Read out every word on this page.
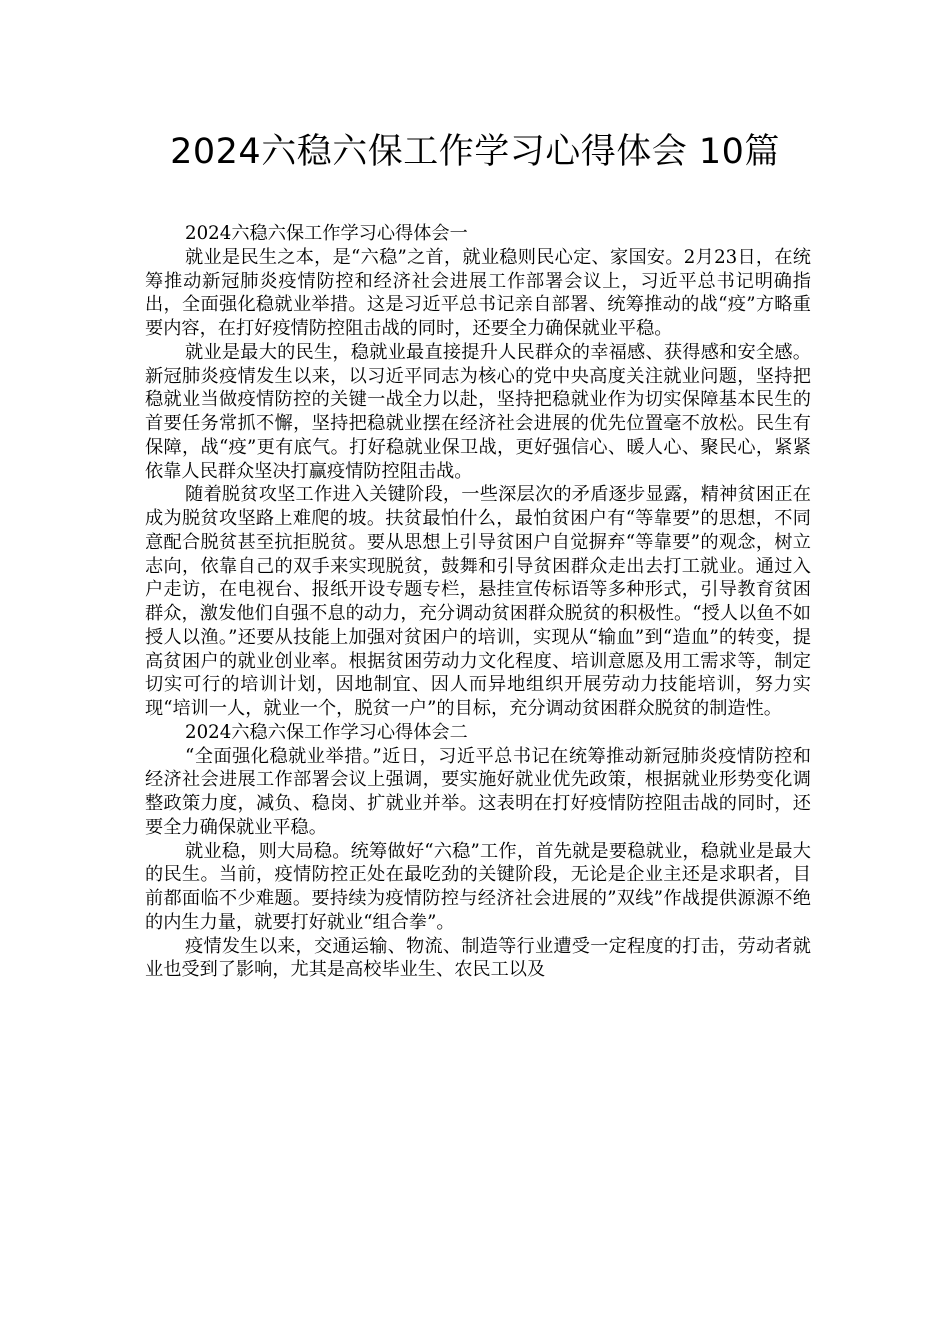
2024六稳六保工作学习心得体会 10篇

2024六稳六保工作学习心得体会一

就业是民生之本，是“六稳”之首，就业稳则民心定、家国安。2月23日，在统筹推动新冠肺炎疫情防控和经济社会进展工作部署会议上，习近平总书记明确指出，全面强化稳就业举措。这是习近平总书记亲自部署、统筹推动的战“疫”方略重要内容，在打好疫情防控阻击战的同时，还要全力确保就业平稳。

就业是最大的民生，稳就业最直接提升人民群众的幸福感、获得感和安全感。新冠肺炎疫情发生以来，以习近平同志为核心的党中央高度关注就业问题，坚持把稳就业当做疫情防控的关键一战全力以赴，坚持把稳就业作为切实保障基本民生的首要任务常抓不懈，坚持把稳就业摆在经济社会进展的优先位置毫不放松。民生有保障，战“疫”更有底气。打好稳就业保卫战，更好强信心、暖人心、聚民心，紧紧依靠人民群众坚决打赢疫情防控阻击战。

随着脱贫攻坚工作进入关键阶段，一些深层次的矛盾逐步显露，精神贫困正在成为脱贫攻坚路上难爬的坡。扶贫最怕什么，最怕贫困户有“等靠要”的思想，不同意配合脱贫甚至抗拒脱贫。要从思想上引导贫困户自觉摒弃“等靠要”的观念，树立志向，依靠自己的双手来实现脱贫，鼓舞和引导贫困群众走出去打工就业。通过入户走访，在电视台、报纸开设专题专栏，悬挂宣传标语等多种形式，引导教育贫困群众，激发他们自强不息的动力，充分调动贫困群众脱贫的积极性。“授人以鱼不如授人以渔。”还要从技能上加强对贫困户的培训，实现从“输血”到“造血”的转变，提高贫困户的就业创业率。根据贫困劳动力文化程度、培训意愿及用工需求等，制定切实可行的培训计划，因地制宜、因人而异地组织开展劳动力技能培训，努力实现“培训一人，就业一个，脱贫一户”的目标，充分调动贫困群众脱贫的制造性。

2024六稳六保工作学习心得体会二

“全面强化稳就业举措。”近日，习近平总书记在统筹推动新冠肺炎疫情防控和经济社会进展工作部署会议上强调，要实施好就业优先政策，根据就业形势变化调整政策力度，减负、稳岗、扩就业并举。这表明在打好疫情防控阻击战的同时，还要全力确保就业平稳。

就业稳，则大局稳。统筹做好“六稳”工作，首先就是要稳就业，稳就业是最大的民生。当前，疫情防控正处在最吃劲的关键阶段，无论是企业主还是求职者，目前都面临不少难题。要持续为疫情防控与经济社会进展的”双线”作战提供源源不绝的内生力量，就要打好就业“组合拳”。

疫情发生以来，交通运输、物流、制造等行业遭受一定程度的打击，劳动者就业也受到了影响，尤其是高校毕业生、农民工以及
